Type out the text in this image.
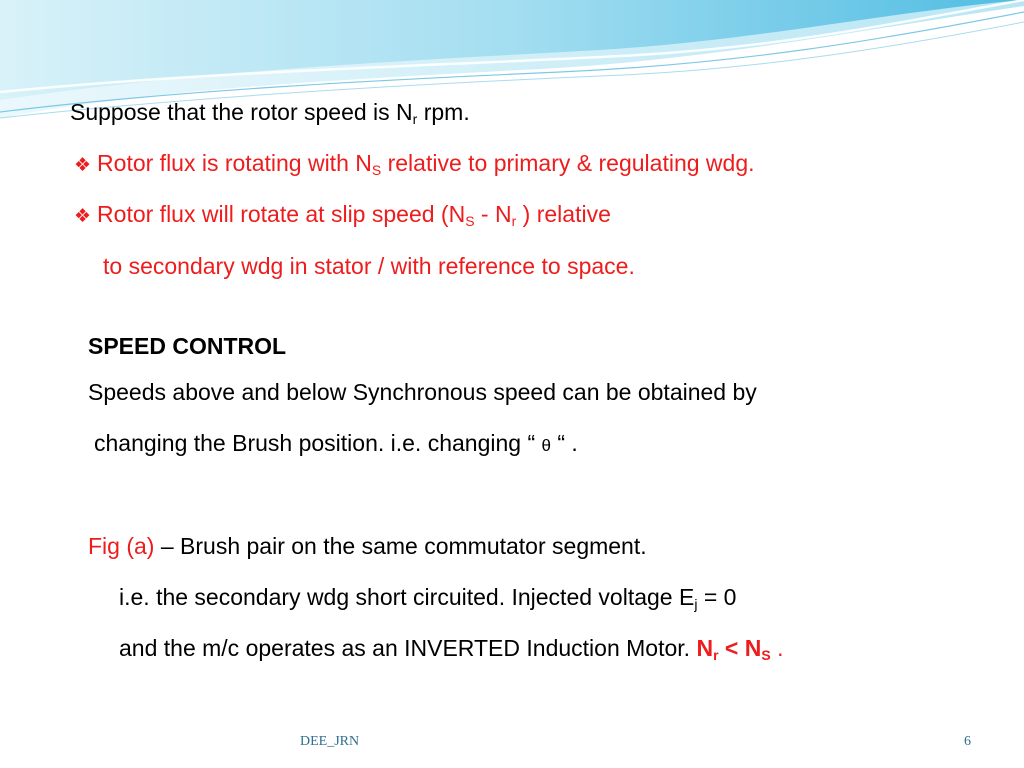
Suppose that the rotor speed is $N_r$ rpm.

❖ Rotor flux is rotating with $N_S$ relative to primary & regulating wdg.

❖ Rotor flux will rotate at slip speed ($N_S - N_r$ ) relative

to secondary wdg in stator / with reference to space.

SPEED CONTROL

Speeds above and below Synchronous speed can be obtained by

changing the Brush position. i.e. changing “ θ “ .

Fig (a) – Brush pair on the same commutator segment.

i.e. the secondary wdg short circuited. Injected voltage $E_j = 0$

and the m/c operates as an INVERTED Induction Motor. $N_r < N_S$ .

DEE_JRN	6
